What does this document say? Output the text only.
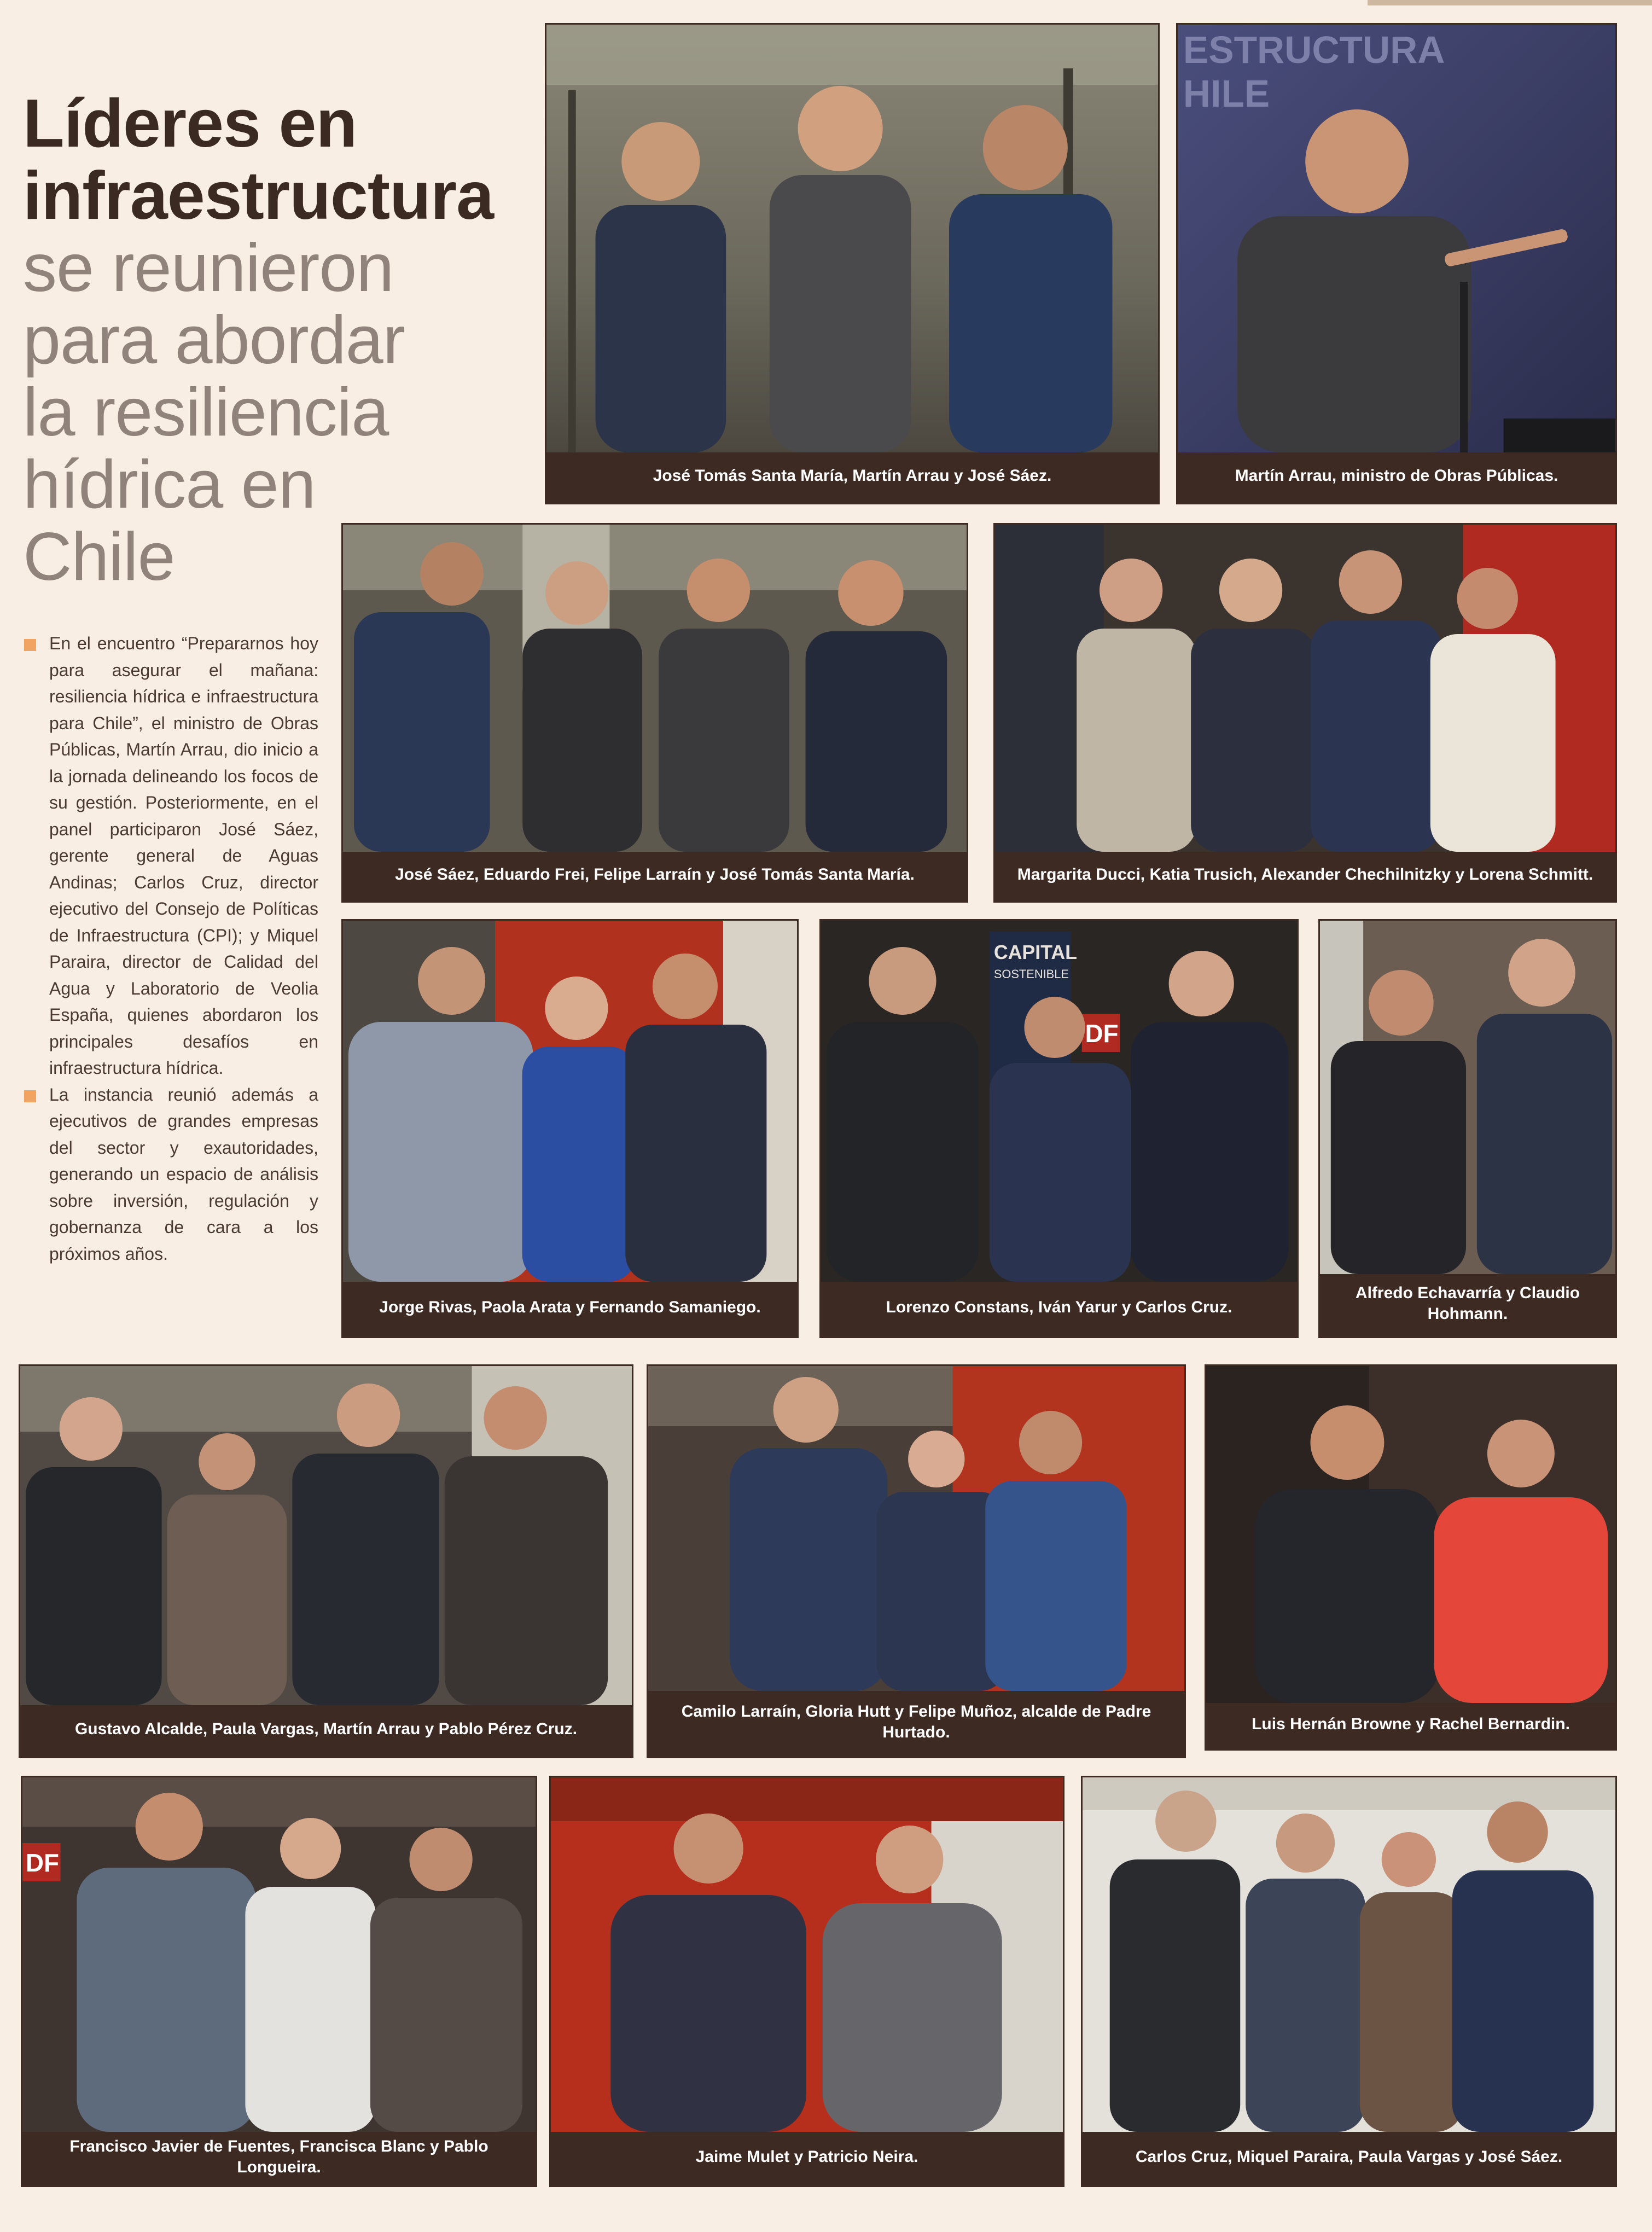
Líderes en
infraestructura
se reunieron
para abordar
la resiliencia
hídrica en
Chile

En el encuentro “Prepararnos hoy para asegurar el mañana: resiliencia hídrica e infraestructura para Chile”, el ministro de Obras Públicas, Martín Arrau, dio inicio a la jornada delineando los focos de su gestión. Posteriormente, en el panel participaron José Sáez, gerente general de Aguas Andinas; Carlos Cruz, director ejecutivo del Consejo de Políticas de Infraestructura (CPI); y Miquel Paraira, director de Calidad del Agua y Laboratorio de Veolia España, quienes abordaron los principales desafíos en infraestructura hídrica.

La instancia reunió además a ejecutivos de grandes empresas del sector y exautoridades, generando un espacio de análisis sobre inversión, regulación y gobernanza de cara a los próximos años.

José Tomás Santa María, Martín Arrau y José Sáez.
ESTRUCTURA
HILE
Martín Arrau, ministro de Obras Públicas.
José Sáez, Eduardo Frei, Felipe Larraín y José Tomás Santa María.	Margarita Ducci, Katia Trusich, Alexander Chechilnitzky y Lorena Schmitt.
Jorge Rivas, Paola Arata y Fernando Samaniego.
CAPITAL
SOSTENIBLE
DF
Lorenzo Constans, Iván Yarur y Carlos Cruz.
Alfredo Echavarría y Claudio Hohmann.
Gustavo Alcalde, Paula Vargas, Martín Arrau y Pablo Pérez Cruz.
Camilo Larraín, Gloria Hutt y Felipe Muñoz, alcalde de Padre Hurtado.	Luis Hernán Browne y Rachel Bernardin.
DF
Francisco Javier de Fuentes, Francisca Blanc y Pablo Longueira.
Jaime Mulet y Patricio Neira.	Carlos Cruz, Miquel Paraira, Paula Vargas y José Sáez.
